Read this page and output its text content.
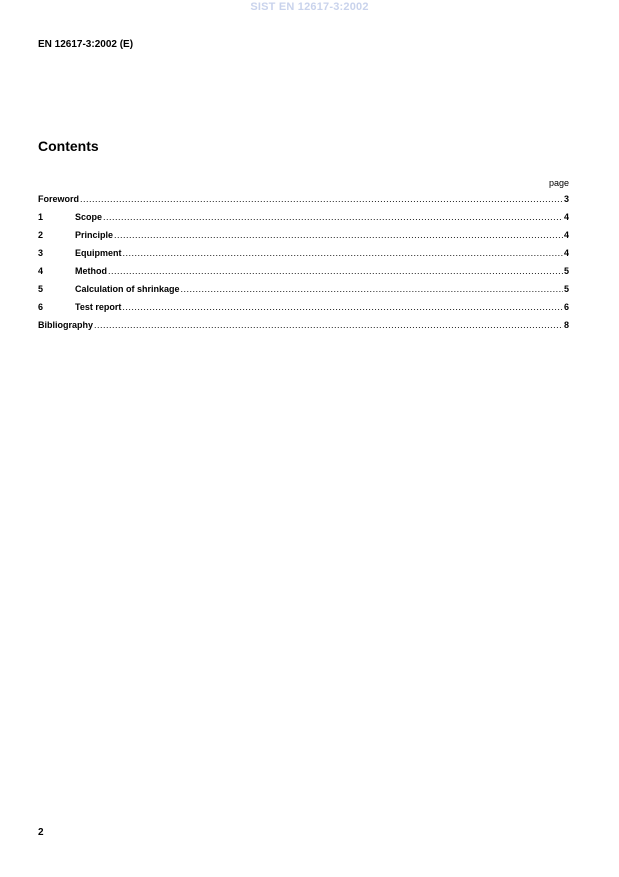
SIST EN 12617-3:2002
EN 12617-3:2002 (E)
Contents
page
Foreword .....	3
1	Scope .....	4
2	Principle .....	4
3	Equipment .....	4
4	Method .....	5
5	Calculation of shrinkage .....	5
6	Test report .....	6
Bibliography .....	8
2
